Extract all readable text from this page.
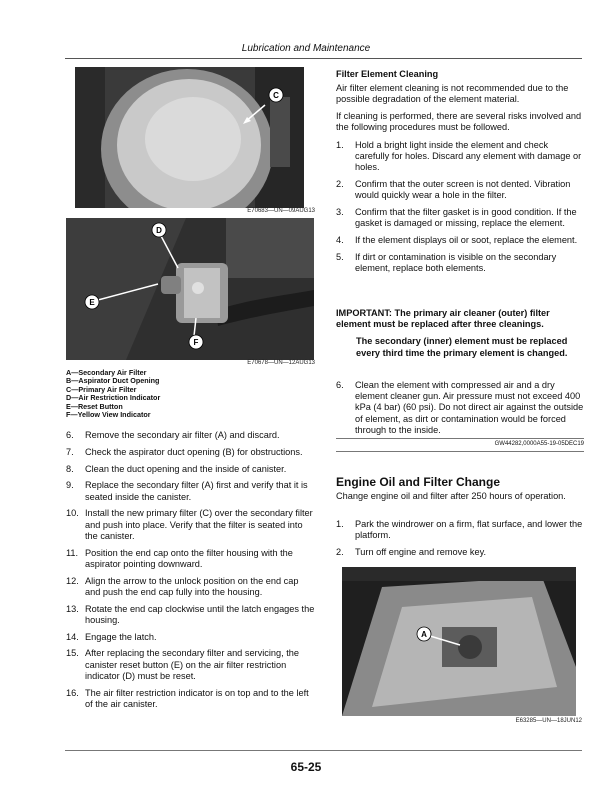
Lubrication and Maintenance
C
E70683—UN—09AUG13
D
E
F
E70678—UN—12AUG13
A—Secondary Air Filter
B—Aspirator Duct Opening
C—Primary Air Filter
D—Air Restriction Indicator
E—Reset Button
F—Yellow View Indicator
6. Remove the secondary air filter (A) and discard.
7. Check the aspirator duct opening (B) for obstructions.
8. Clean the duct opening and the inside of canister.
9. Replace the secondary filter (A) first and verify that it is seated inside the canister.
10. Install the new primary filter (C) over the secondary filter and push into place. Verify that the filter is seated into the canister.
11. Position the end cap onto the filter housing with the aspirator pointing downward.
12. Align the arrow to the unlock position on the end cap and push the end cap fully into the housing.
13. Rotate the end cap clockwise until the latch engages the housing.
14. Engage the latch.
15. After replacing the secondary filter and servicing, the canister reset button (E) on the air filter restriction indicator (D) must be reset.
16. The air filter restriction indicator is on top and to the left of the air canister.
Filter Element Cleaning

Air filter element cleaning is not recommended due to the possible degradation of the element material.

If cleaning is performed, there are several risks involved and the following procedures must be followed.

1. Hold a bright light inside the element and check carefully for holes. Discard any element with damage or holes.
2. Confirm that the outer screen is not dented. Vibration would quickly wear a hole in the filter.
3. Confirm that the filter gasket is in good condition. If the gasket is damaged or missing, replace the element.
4. If the element displays oil or soot, replace the element.
5. If dirt or contamination is visible on the secondary element, replace both elements.

IMPORTANT: The primary air cleaner (outer) filter element must be replaced after three cleanings.

The secondary (inner) element must be replaced every third time the primary element is changed.

6. Clean the element with compressed air and a dry element cleaner gun. Air pressure must not exceed 400 kPa (4 bar) (60 psi). Do not direct air against the outside of element, as dirt or contamination would be forced through to the inside.
GW44282,0000A55-19-05DEC19
Engine Oil and Filter Change

Change engine oil and filter after 250 hours of operation.

1. Park the windrower on a firm, flat surface, and lower the platform.
2. Turn off engine and remove key.
A
E63285—UN—18JUN12
65-25
